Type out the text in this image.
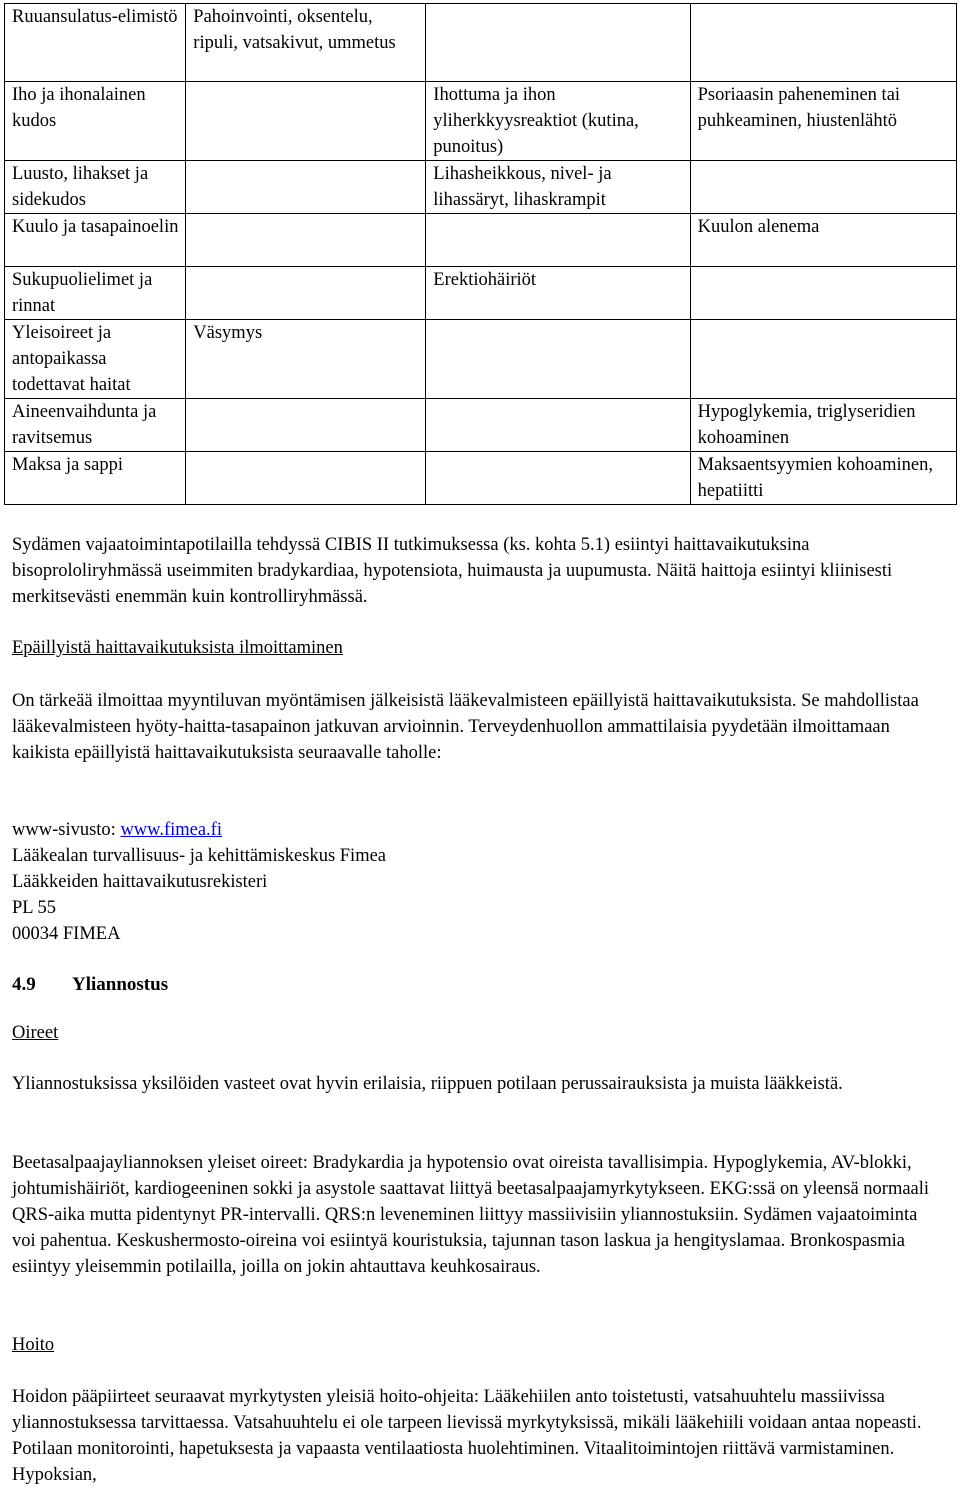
Ruuansulatus-elimistö	Pahoinvointi, oksentelu, ripuli, vatsakivut, ummetus		
Iho ja ihonalainen kudos		Ihottuma ja ihon yliherkkyysreaktiot (kutina, punoitus)	Psoriaasin paheneminen tai puhkeaminen, hiustenlähtö
Luusto, lihakset ja sidekudos		Lihasheikkous, nivel- ja lihassäryt, lihaskrampit	
Kuulo ja tasapainoelin			Kuulon alenema
Sukupuolielimet ja rinnat		Erektiohäiriöt	
Yleisoireet ja antopaikassa todettavat haitat	Väsymys		
Aineenvaihdunta ja ravitsemus			Hypoglykemia, triglyseridien kohoaminen
Maksa ja sappi			Maksaentsyymien kohoaminen, hepatiitti

Sydämen vajaatoimintapotilailla tehdyssä CIBIS II tutkimuksessa (ks. kohta 5.1) esiintyi haittavaikutuksina bisoprololiryhmässä useimmiten bradykardiaa, hypotensiota, huimausta ja uupumusta. Näitä haittoja esiintyi kliinisesti merkitsevästi enemmän kuin kontrolliryhmässä.

Epäillyistä haittavaikutuksista ilmoittaminen

On tärkeää ilmoittaa myyntiluvan myöntämisen jälkeisistä lääkevalmisteen epäillyistä haittavaikutuksista. Se mahdollistaa lääkevalmisteen hyöty-haitta-tasapainon jatkuvan arvioinnin. Terveydenhuollon ammattilaisia pyydetään ilmoittamaan kaikista epäillyistä haittavaikutuksista seuraavalle taholle:

www-sivusto: www.fimea.fi

Lääkealan turvallisuus- ja kehittämiskeskus Fimea

Lääkkeiden haittavaikutusrekisteri

PL 55

00034 FIMEA

4.9 Yliannostus

Oireet

Yliannostuksissa yksilöiden vasteet ovat hyvin erilaisia, riippuen potilaan perussairauksista ja muista lääkkeistä.

Beetasalpaajayliannoksen yleiset oireet: Bradykardia ja hypotensio ovat oireista tavallisimpia. Hypoglykemia, AV-blokki, johtumishäiriöt, kardiogeeninen sokki ja asystole saattavat liittyä beetasalpaajamyrkytykseen. EKG:ssä on yleensä normaali QRS-aika mutta pidentynyt PR-intervalli. QRS:n leveneminen liittyy massiivisiin yliannostuksiin. Sydämen vajaatoiminta voi pahentua. Keskushermosto-oireina voi esiintyä kouristuksia, tajunnan tason laskua ja hengityslamaa. Bronkospasmia esiintyy yleisemmin potilailla, joilla on jokin ahtauttava keuhkosairaus.

Hoito

Hoidon pääpiirteet seuraavat myrkytysten yleisiä hoito-ohjeita: Lääkehiilen anto toistetusti, vatsahuuhtelu massiivissa yliannostuksessa tarvittaessa. Vatsahuuhtelu ei ole tarpeen lievissä myrkytyksissä, mikäli lääkehiili voidaan antaa nopeasti. Potilaan monitorointi, hapetuksesta ja vapaasta ventilaatiosta huolehtiminen. Vitaalitoimintojen riittävä varmistaminen. Hypoksian,
